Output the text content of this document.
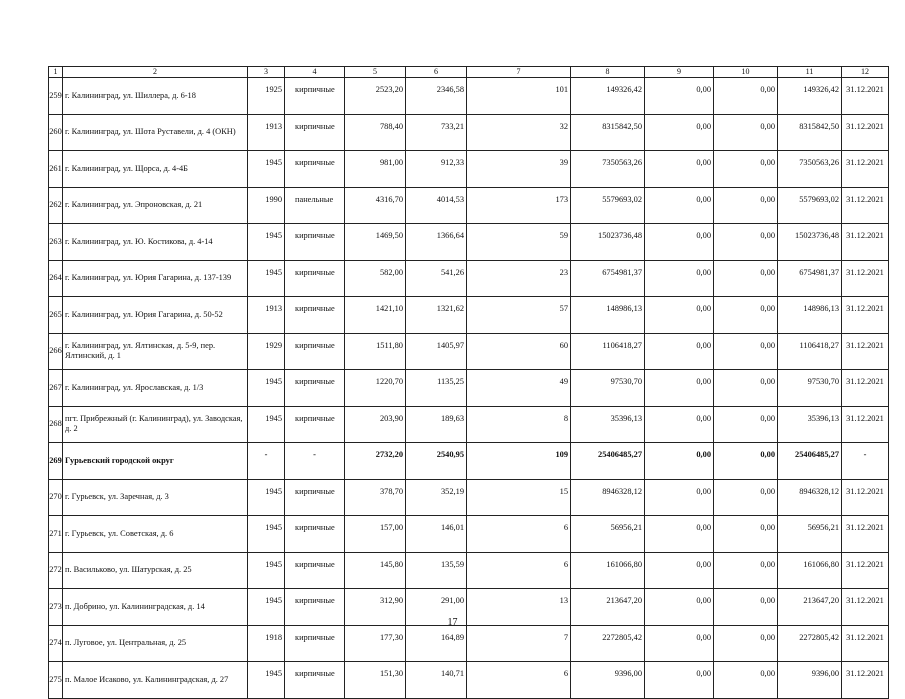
1	2	3	4	5	6	7	8	9	10	11	12
259	г. Калининград, ул. Шиллера, д. 6-18	1925	кирпичные	2523,20	2346,58	101	149326,42	0,00	0,00	149326,42	31.12.2021
260	г. Калининград, ул. Шота Руставели, д. 4 (ОКН)	1913	кирпичные	788,40	733,21	32	8315842,50	0,00	0,00	8315842,50	31.12.2021
261	г. Калининград, ул. Щорса, д. 4-4Б	1945	кирпичные	981,00	912,33	39	7350563,26	0,00	0,00	7350563,26	31.12.2021
262	г. Калининград, ул. Эпроновская, д. 21	1990	панельные	4316,70	4014,53	173	5579693,02	0,00	0,00	5579693,02	31.12.2021
263	г. Калининград, ул. Ю. Костикова, д. 4-14	1945	кирпичные	1469,50	1366,64	59	15023736,48	0,00	0,00	15023736,48	31.12.2021
264	г. Калининград, ул. Юрия Гагарина, д. 137-139	1945	кирпичные	582,00	541,26	23	6754981,37	0,00	0,00	6754981,37	31.12.2021
265	г. Калининград, ул. Юрия Гагарина, д. 50-52	1913	кирпичные	1421,10	1321,62	57	148986,13	0,00	0,00	148986,13	31.12.2021
266	г. Калининград, ул. Ялтинская, д. 5-9, пер. Ялтинский, д. 1	1929	кирпичные	1511,80	1405,97	60	1106418,27	0,00	0,00	1106418,27	31.12.2021
267	г. Калининград, ул. Ярославская, д. 1/3	1945	кирпичные	1220,70	1135,25	49	97530,70	0,00	0,00	97530,70	31.12.2021
268	пгт. Прибрежный (г. Калининград), ул. Заводская, д. 2	1945	кирпичные	203,90	189,63	8	35396,13	0,00	0,00	35396,13	31.12.2021
269	Гурьевский городской округ	-	-	2732,20	2540,95	109	25406485,27	0,00	0,00	25406485,27	-
270	г. Гурьевск, ул. Заречная, д. 3	1945	кирпичные	378,70	352,19	15	8946328,12	0,00	0,00	8946328,12	31.12.2021
271	г. Гурьевск, ул. Советская, д. 6	1945	кирпичные	157,00	146,01	6	56956,21	0,00	0,00	56956,21	31.12.2021
272	п. Васильково, ул. Шатурская, д. 25	1945	кирпичные	145,80	135,59	6	161066,80	0,00	0,00	161066,80	31.12.2021
273	п. Добрино, ул. Калининградская, д. 14	1945	кирпичные	312,90	291,00	13	213647,20	0,00	0,00	213647,20	31.12.2021
274	п. Луговое, ул. Центральная, д. 25	1918	кирпичные	177,30	164,89	7	2272805,42	0,00	0,00	2272805,42	31.12.2021
275	п. Малое Исаково, ул. Калининградская, д. 27	1945	кирпичные	151,30	140,71	6	9396,00	0,00	0,00	9396,00	31.12.2021
17
